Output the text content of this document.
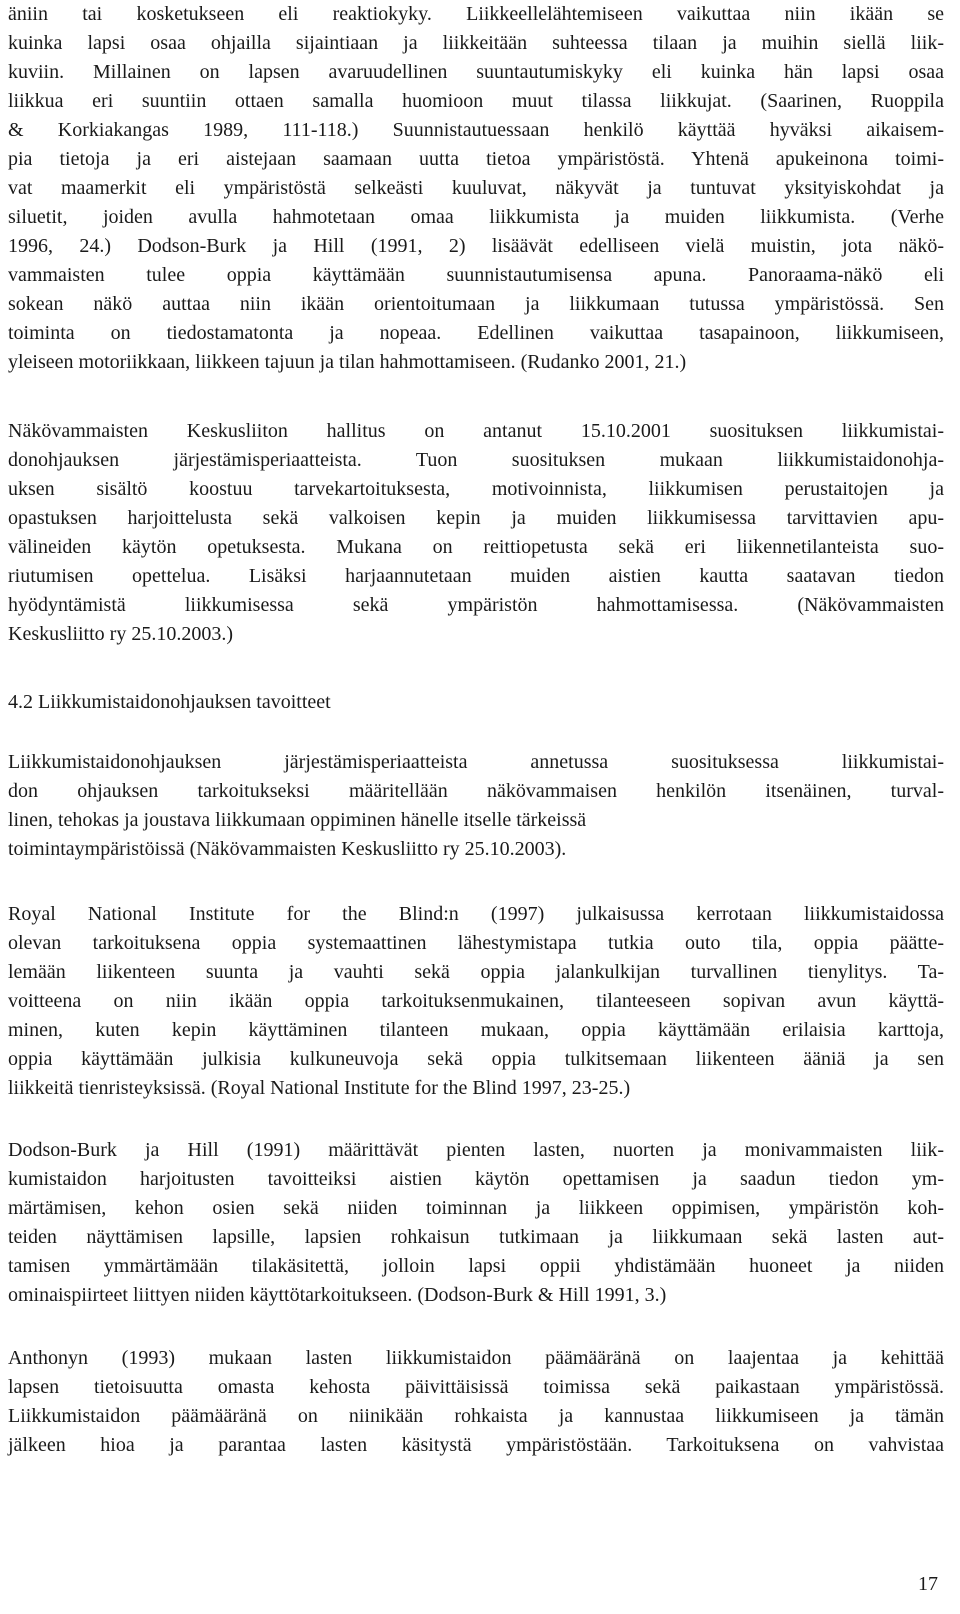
äniin tai kosketukseen eli reaktiokyky. Liikkeellelähtemiseen vaikuttaa niin ikään se
kuinka lapsi osaa ohjailla sijaintiaan ja liikkeitään suhteessa tilaan ja muihin siellä liik-
kuviin. Millainen on lapsen avaruudellinen suuntautumiskyky eli kuinka hän lapsi osaa
liikkua eri suuntiin ottaen samalla huomioon muut tilassa liikkujat. (Saarinen, Ruoppila
& Korkiakangas 1989, 111-118.) Suunnistautuessaan henkilö käyttää hyväksi aikaisem-
pia tietoja ja eri aistejaan saamaan uutta tietoa ympäristöstä. Yhtenä apukeinona toimi-
vat maamerkit eli ympäristöstä selkeästi kuuluvat, näkyvät ja tuntuvat yksityiskohdat ja
siluetit, joiden avulla hahmotetaan omaa liikkumista ja muiden liikkumista. (Verhe
1996, 24.) Dodson-Burk ja Hill (1991, 2) lisäävät edelliseen vielä muistin, jota näkö-
vammaisten tulee oppia käyttämään suunnistautumisensa apuna. Panoraama-näkö eli
sokean näkö auttaa niin ikään orientoitumaan ja liikkumaan tutussa ympäristössä. Sen
toiminta on tiedostamatonta ja nopeaa. Edellinen vaikuttaa tasapainoon, liikkumiseen,
yleiseen motoriikkaan, liikkeen tajuun ja tilan hahmottamiseen. (Rudanko 2001, 21.)
Näkövammaisten Keskusliiton hallitus on antanut 15.10.2001 suosituksen liikkumistai-
donohjauksen järjestämisperiaatteista. Tuon suosituksen mukaan liikkumistaidonohja-
uksen sisältö koostuu tarvekartoituksesta, motivoinnista, liikkumisen perustaitojen ja
opastuksen harjoittelusta sekä valkoisen kepin ja muiden liikkumisessa tarvittavien apu-
välineiden käytön opetuksesta. Mukana on reittiopetusta sekä eri liikennetilanteista suo-
riutumisen opettelua. Lisäksi harjaannutetaan muiden aistien kautta saatavan tiedon
hyödyntämistä liikkumisessa sekä ympäristön hahmottamisessa. (Näkövammaisten
Keskusliitto ry 25.10.2003.)
4.2 Liikkumistaidonohjauksen tavoitteet
Liikkumistaidonohjauksen järjestämisperiaatteista annetussa suosituksessa liikkumistai-
don ohjauksen tarkoitukseksi määritellään näkövammaisen henkilön itsenäinen, turval-
linen, tehokas ja joustava liikkumaan oppiminen hänelle itselle tärkeissä
toimintaympäristöissä (Näkövammaisten Keskusliitto ry 25.10.2003).
Royal National Institute for the Blind:n (1997) julkaisussa kerrotaan liikkumistaidossa
olevan tarkoituksena oppia systemaattinen lähestymistapa tutkia outo tila, oppia päätte-
lemään liikenteen suunta ja vauhti sekä oppia jalankulkijan turvallinen tienylitys. Ta-
voitteena on niin ikään oppia tarkoituksenmukainen, tilanteeseen sopivan avun käyttä-
minen, kuten kepin käyttäminen tilanteen mukaan, oppia käyttämään erilaisia karttoja,
oppia käyttämään julkisia kulkuneuvoja sekä oppia tulkitsemaan liikenteen ääniä ja sen
liikkeitä tienristeyksissä. (Royal National Institute for the Blind 1997, 23-25.)
Dodson-Burk ja Hill (1991) määrittävät pienten lasten, nuorten ja monivammaisten liik-
kumistaidon harjoitusten tavoitteiksi aistien käytön opettamisen ja saadun tiedon ym-
märtämisen, kehon osien sekä niiden toiminnan ja liikkeen oppimisen, ympäristön koh-
teiden näyttämisen lapsille, lapsien rohkaisun tutkimaan ja liikkumaan sekä lasten aut-
tamisen ymmärtämään tilakäsitettä, jolloin lapsi oppii yhdistämään huoneet ja niiden
ominaispiirteet liittyen niiden käyttötarkoitukseen. (Dodson-Burk & Hill 1991, 3.)
Anthonyn (1993) mukaan lasten liikkumistaidon päämääränä on laajentaa ja kehittää
lapsen tietoisuutta omasta kehosta päivittäisissä toimissa sekä paikastaan ympäristössä.
Liikkumistaidon päämääränä on niinikään rohkaista ja kannustaa liikkumiseen ja tämän
jälkeen hioa ja parantaa lasten käsitystä ympäristöstään. Tarkoituksena on vahvistaa
17
